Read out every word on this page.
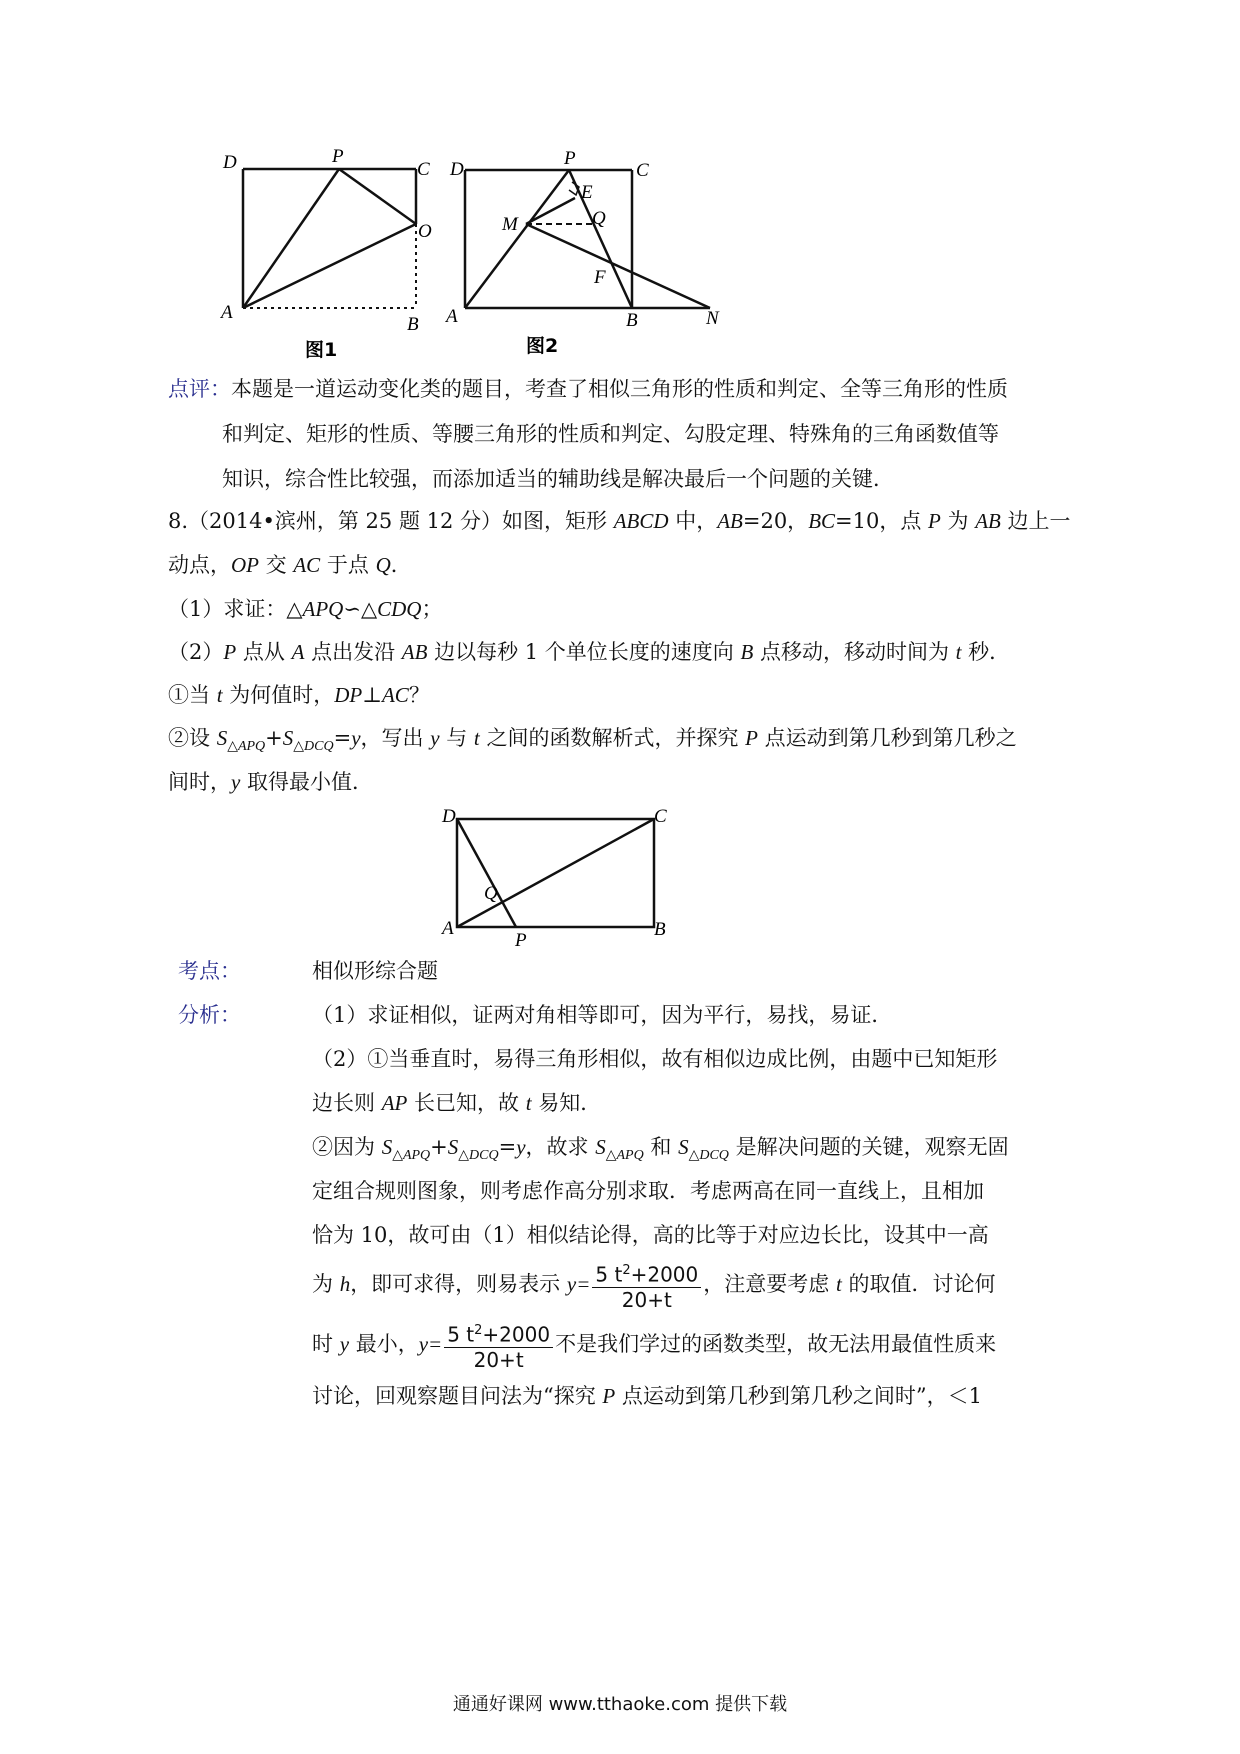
D	P
C
O
A
B
图1
D
P
C
E
M	Q
F
A	B	N
图2
点评：本题是一道运动变化类的题目，考查了相似三角形的性质和判定、全等三角形的性质
和判定、矩形的性质、等腰三角形的性质和判定、勾股定理、特殊角的三角函数值等
知识，综合性比较强，而添加适当的辅助线是解决最后一个问题的关键．
8.（2014•滨州，第 25 题 12 分）如图，矩形 ABCD 中，AB=20，BC=10，点 P 为 AB 边上一
动点，OP 交 AC 于点 Q．
（1）求证：△APQ∽△CDQ；
（2）P 点从 A 点出发沿 AB 边以每秒 1 个单位长度的速度向 B 点移动，移动时间为 t 秒．
①当 t 为何值时，DP⊥AC？
②设 $S_{\triangle APQ}+S_{\triangle DCQ}=y$，写出 y 与 t 之间的函数解析式，并探究 P 点运动到第几秒到第几秒之
间时，y 取得最小值．
D	C
Q
A
P
B
考点：	相似形综合题
分析：	（1）求证相似，证两对角相等即可，因为平行，易找，易证．
（2）①当垂直时，易得三角形相似，故有相似边成比例，由题中已知矩形
边长则 AP 长已知，故 t 易知．
②因为 $S_{\triangle APQ}+S_{\triangle DCQ}=y$，故求 $S_{\triangle APQ}$ 和 $S_{\triangle DCQ}$ 是解决问题的关键，观察无固
定组合规则图象，则考虑作高分别求取．考虑两高在同一直线上，且相加
恰为 10，故可由（1）相似结论得，高的比等于对应边长比，设其中一高
为 h，即可求得，则易表示 $y= \frac{5 t^2+2000}{20+t}$ ，注意要考虑 t 的取值．讨论何
时 y 最小，$y= \frac{5 t^2+2000}{20+t}$ 不是我们学过的函数类型，故无法用最值性质来
讨论，回观察题目问法为“探究 P 点运动到第几秒到第几秒之间时”，＜1
通通好课网 www.tthaoke.com 提供下载
